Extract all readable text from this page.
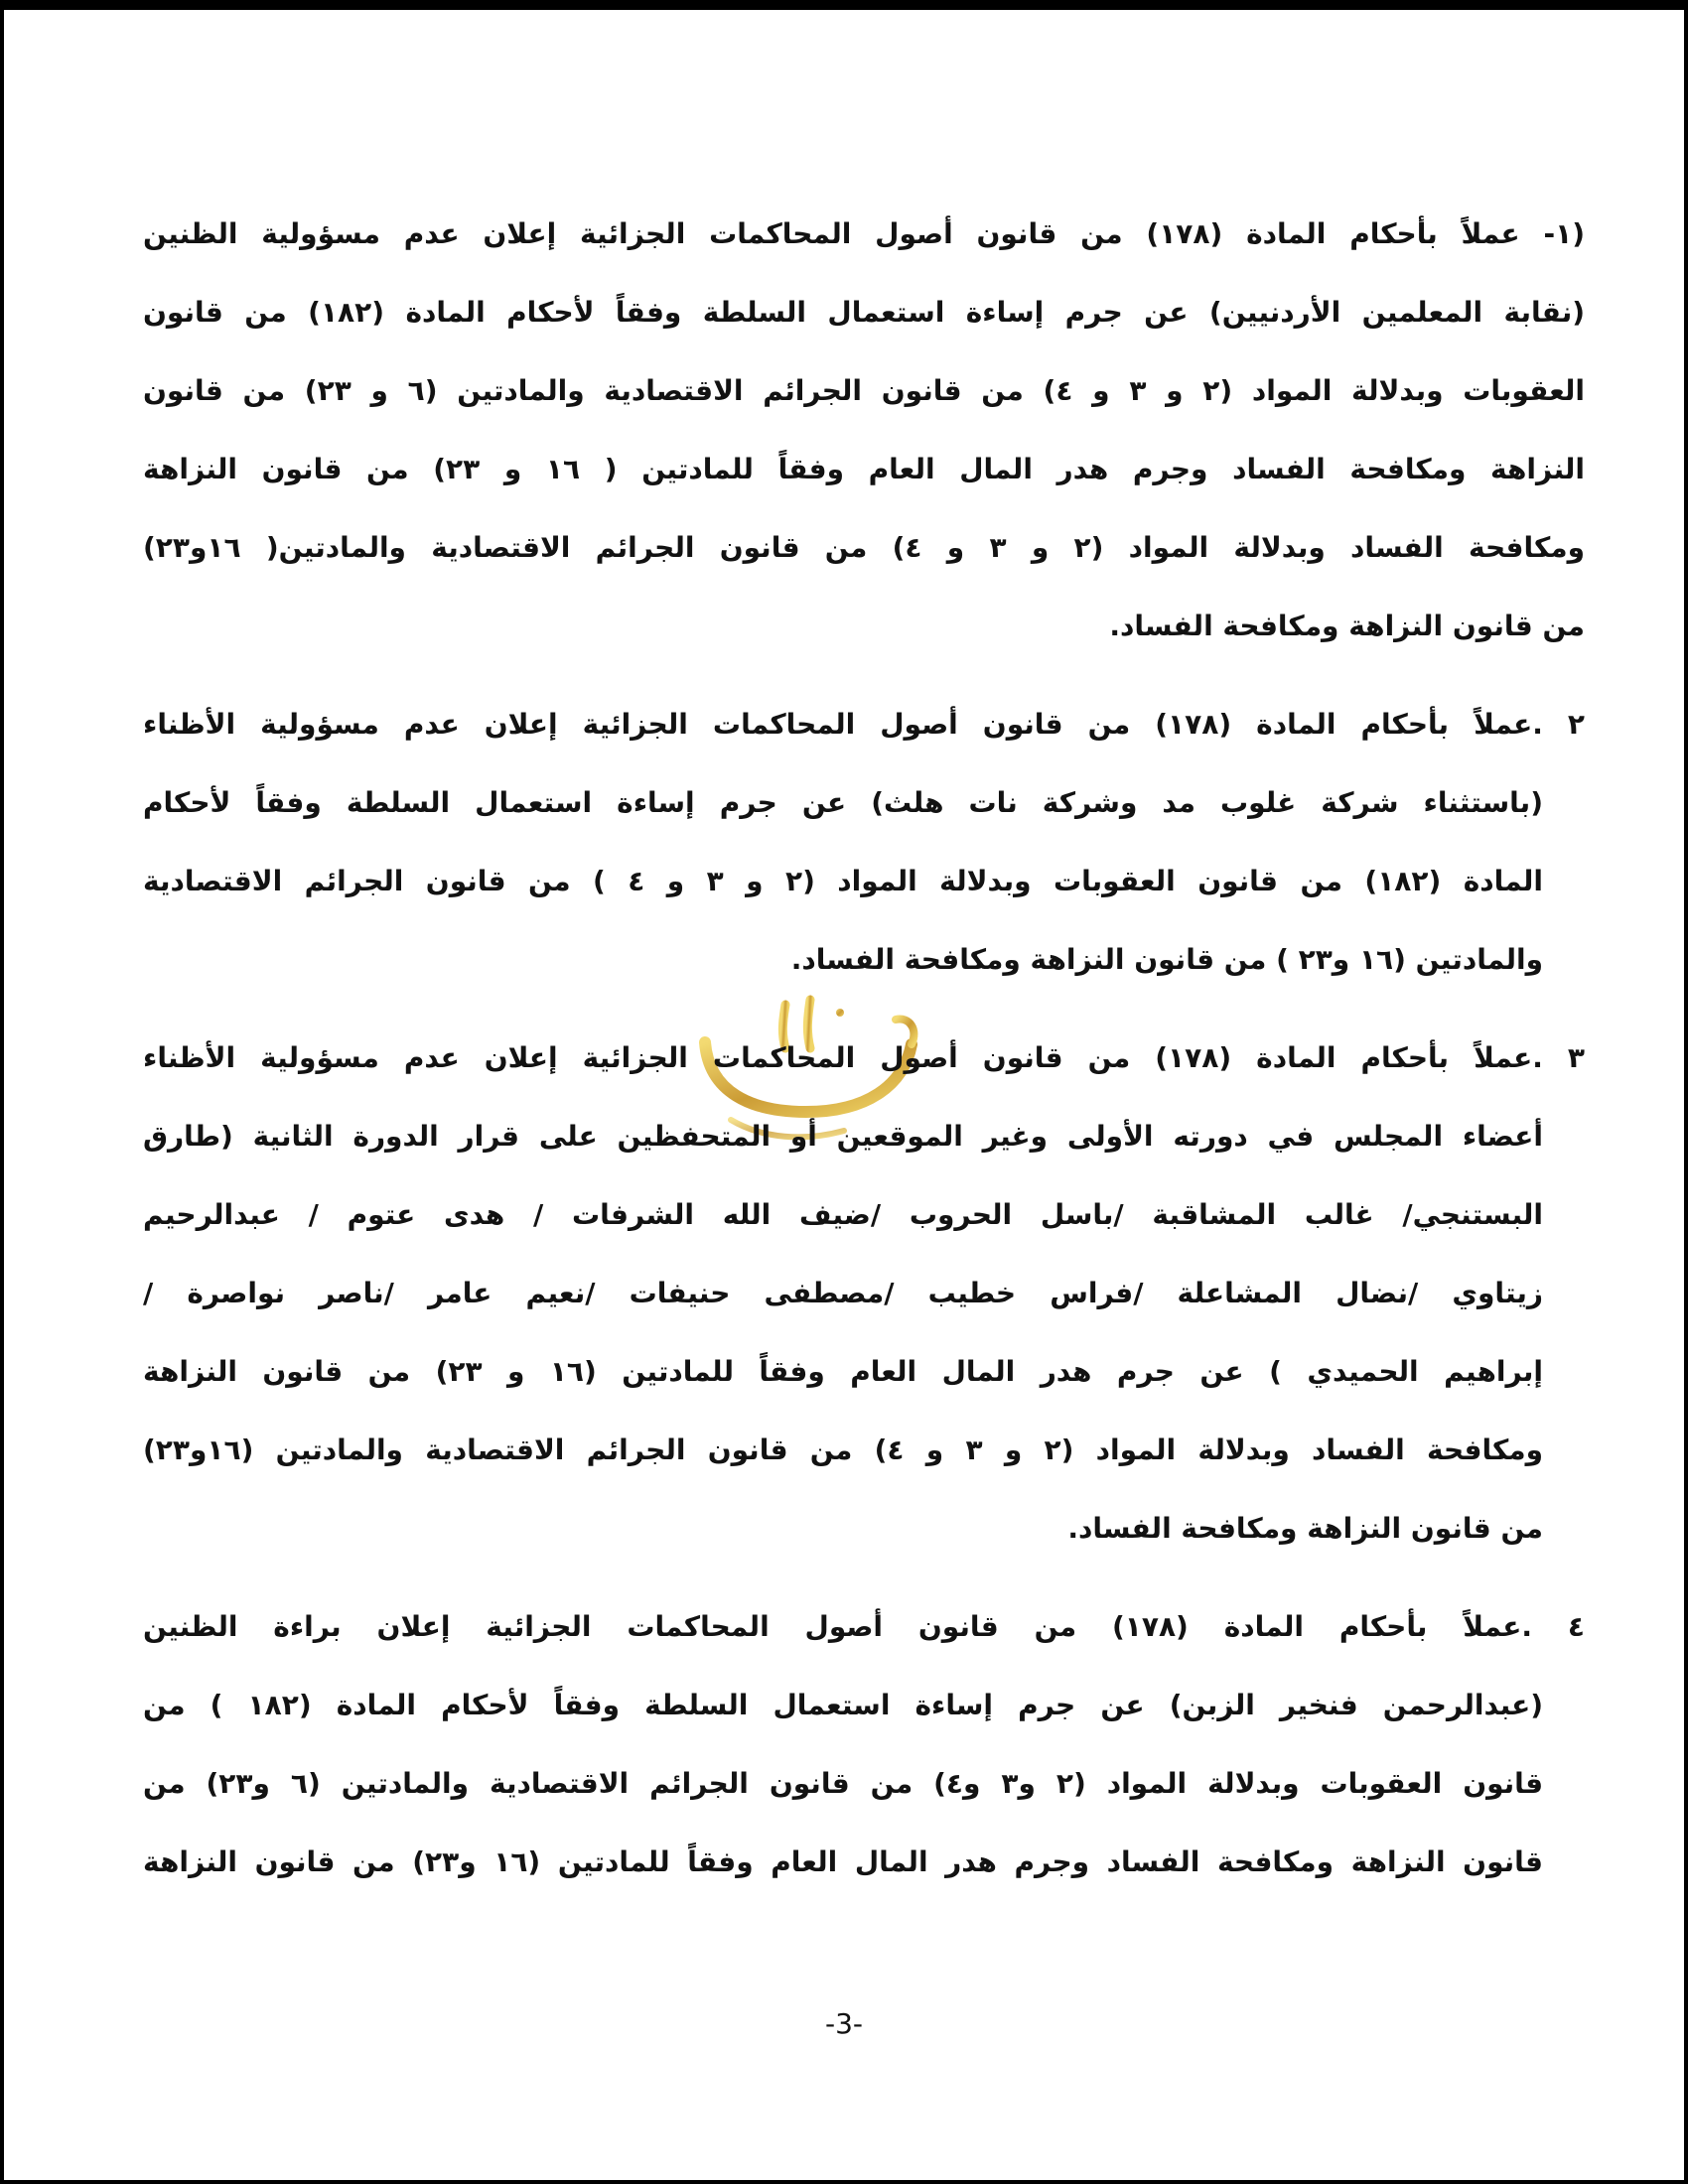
(١- عملاً بأحكام المادة (١٧٨) من قانون أصول المحاكمات الجزائية إعلان عدم مسؤولية الظنين
(نقابة المعلمين الأردنيين) عن جرم إساءة استعمال السلطة وفقاً لأحكام المادة (١٨٢) من قانون
العقوبات وبدلالة المواد (٢ و ٣ و ٤) من قانون الجرائم الاقتصادية والمادتين (٦ و ٢٣) من قانون
النزاهة ومكافحة الفساد وجرم هدر المال العام وفقاً للمادتين ( ١٦ و ٢٣) من قانون النزاهة
ومكافحة الفساد وبدلالة المواد (٢ و ٣ و ٤) من قانون الجرائم الاقتصادية والمادتين( ١٦و٢٣)
من قانون النزاهة ومكافحة الفساد.
٢ .عملاً بأحكام المادة (١٧٨) من قانون أصول المحاكمات الجزائية إعلان عدم مسؤولية الأظناء
(باستثناء شركة غلوب مد وشركة نات هلث) عن جرم إساءة استعمال السلطة وفقاً لأحكام
المادة (١٨٢) من قانون العقوبات وبدلالة المواد (٢ و ٣ و ٤ ) من قانون الجرائم الاقتصادية
والمادتين (١٦ و٢٣ ) من قانون النزاهة ومكافحة الفساد.
٣ .عملاً بأحكام المادة (١٧٨) من قانون أصول المحاكمات الجزائية إعلان عدم مسؤولية الأظناء
أعضاء المجلس في دورته الأولى وغير الموقعين أو المتحفظين على قرار الدورة الثانية (طارق
البستنجي/ غالب المشاقبة /باسل الحروب /ضيف الله الشرفات / هدى عتوم / عبدالرحيم
زيتاوي /نضال المشاعلة /فراس خطيب /مصطفى حنيفات /نعيم عامر /ناصر نواصرة /
إبراهيم الحميدي ) عن جرم هدر المال العام وفقاً للمادتين (١٦ و ٢٣) من قانون النزاهة
ومكافحة الفساد وبدلالة المواد (٢ و ٣ و ٤) من قانون الجرائم الاقتصادية والمادتين (١٦و٢٣)
من قانون النزاهة ومكافحة الفساد.
٤ .عملاً بأحكام المادة (١٧٨) من قانون أصول المحاكمات الجزائية إعلان براءة الظنين
(عبدالرحمن فنخير الزبن) عن جرم إساءة استعمال السلطة وفقاً لأحكام المادة (١٨٢ ) من
قانون العقوبات وبدلالة المواد (٢ و٣ و٤) من قانون الجرائم الاقتصادية والمادتين (٦ و٢٣) من
قانون النزاهة ومكافحة الفساد وجرم هدر المال العام وفقاً للمادتين (١٦ و٢٣) من قانون النزاهة
-3-
